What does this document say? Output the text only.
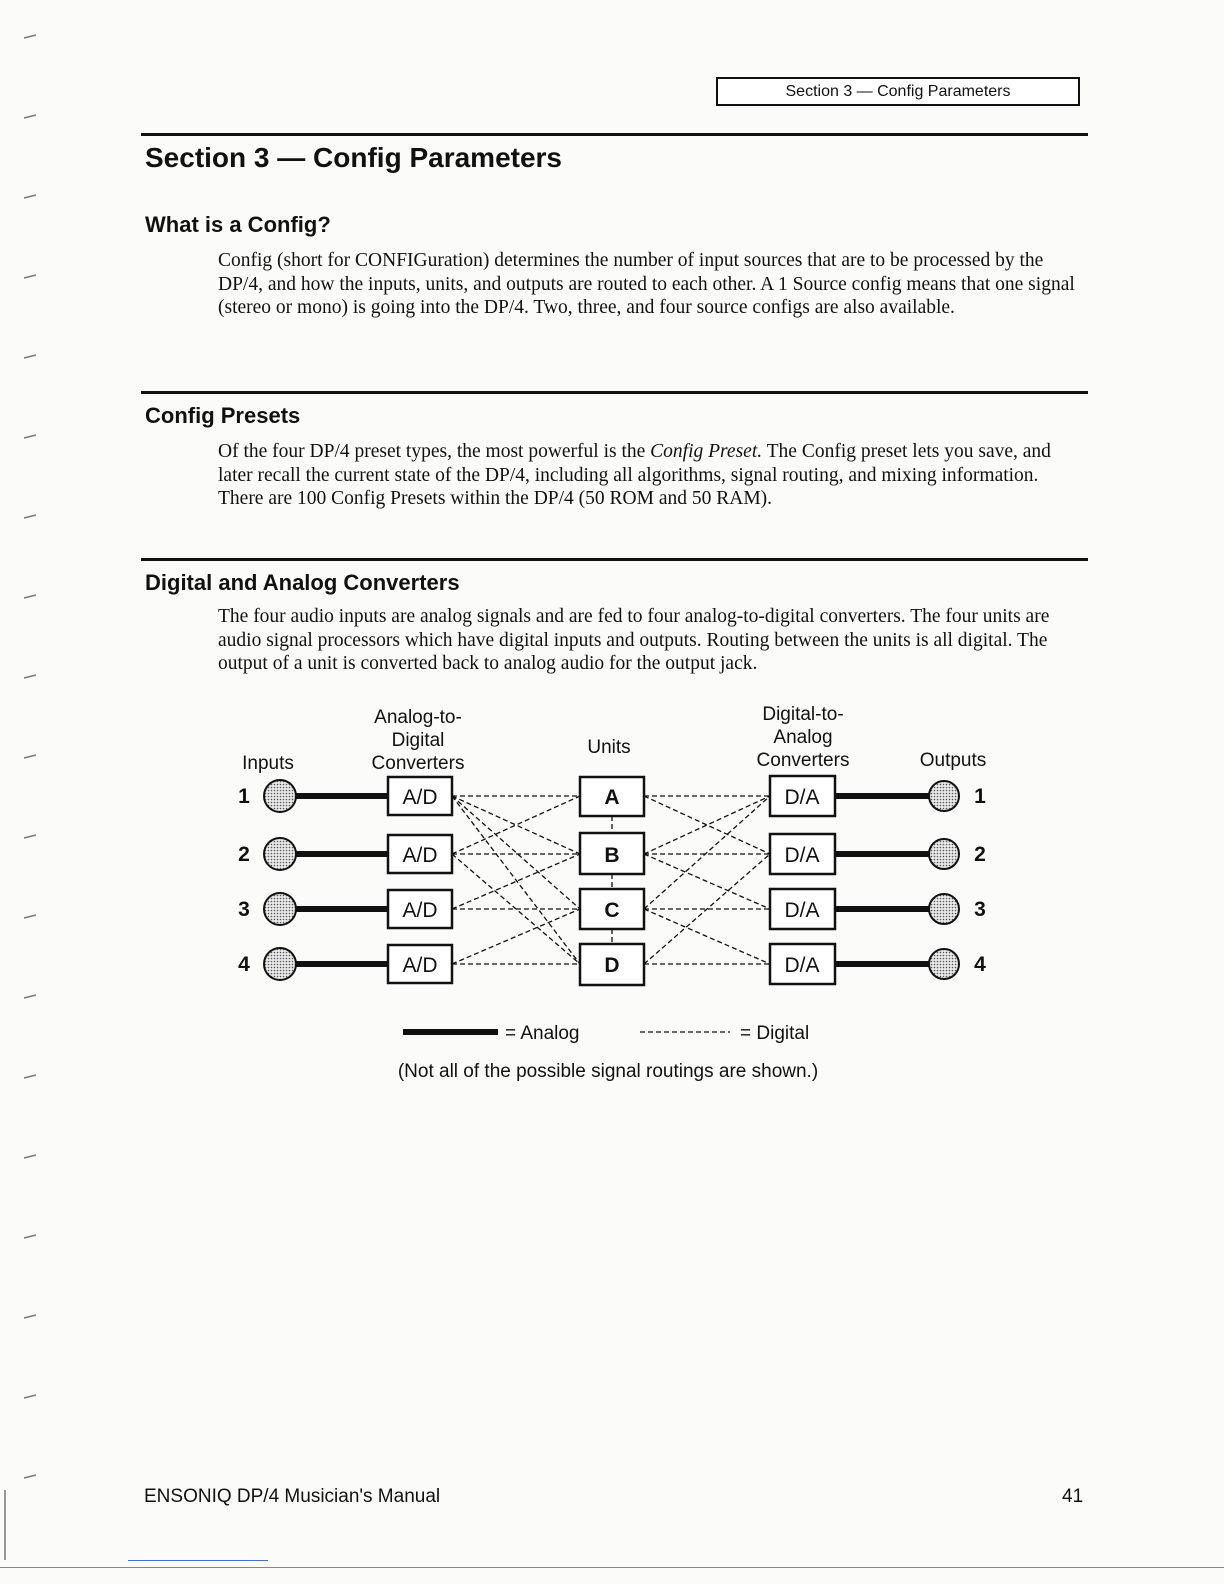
Section 3 — Config Parameters
Section 3 — Config Parameters
What is a Config?

Config (short for CONFIGuration) determines the number of input sources that are to be processed by the DP/4, and how the inputs, units, and outputs are routed to each other. A 1 Source config means that one signal (stereo or mono) is going into the DP/4. Two, three, and four source configs are also available.

Config Presets

Of the four DP/4 preset types, the most powerful is the Config Preset. The Config preset lets you save, and later recall the current state of the DP/4, including all algorithms, signal routing, and mixing information. There are 100 Config Presets within the DP/4 (50 ROM and 50 RAM).

Digital and Analog Converters

The four audio inputs are analog signals and are fed to four analog-to-digital converters. The four units are audio signal processors which have digital inputs and outputs. Routing between the units is all digital. The output of a unit is converted back to analog audio for the output jack.

Inputs
Analog-to-
Digital
Converters
Units
Digital-to-
Analog
Converters	Outputs
1
2
3
4
A/D
A/D
A/D
A/D
A
B
C
D
D/A
D/A
D/A
D/A
1
2
3
4
= Analog	= Digital
(Not all of the possible signal routings are shown.)
ENSONIQ DP/4 Musician's Manual	41
